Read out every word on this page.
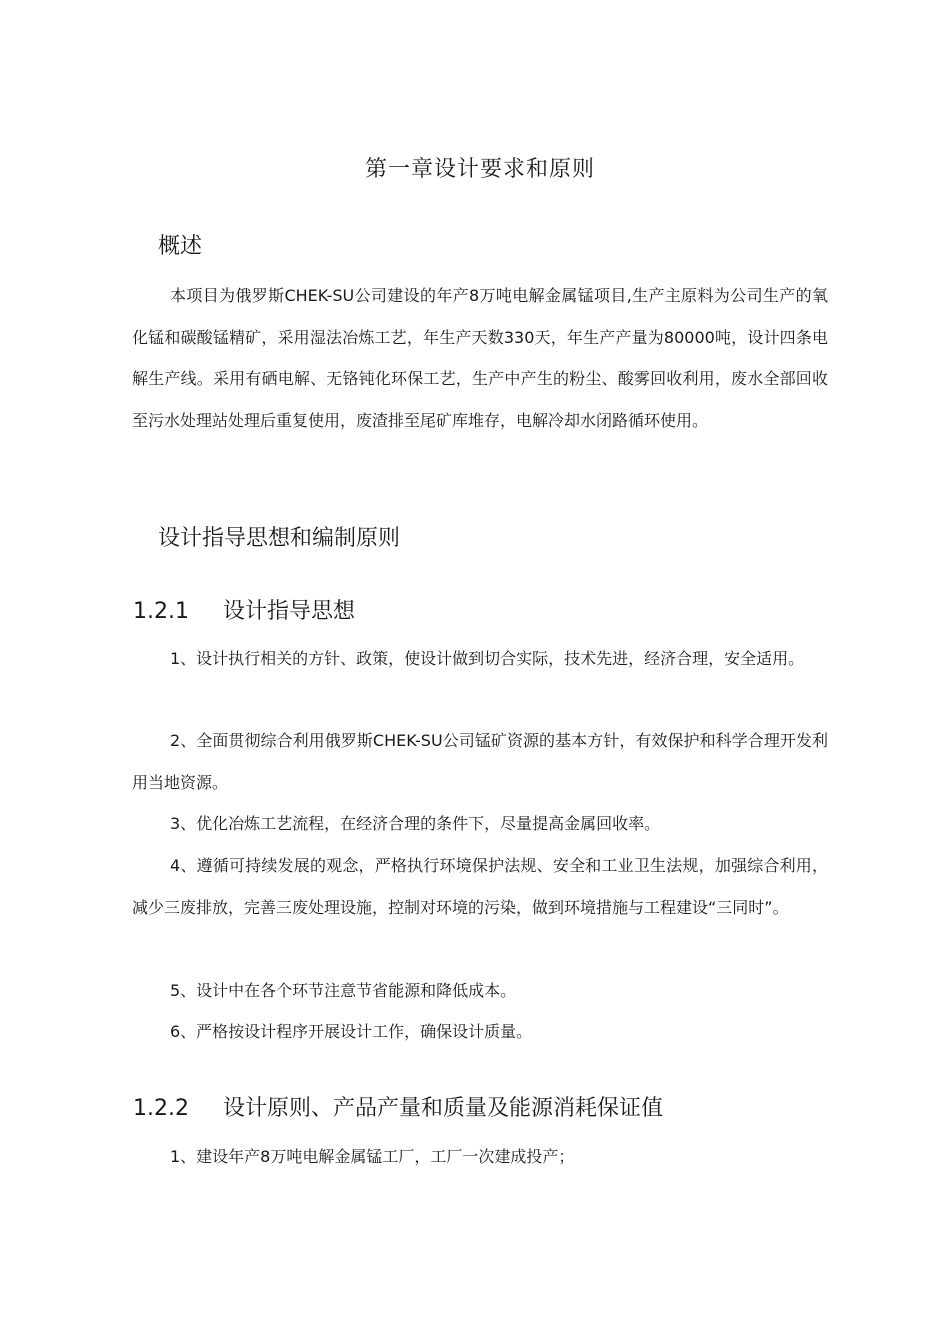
第一章设计要求和原则
概述

本项目为俄罗斯CHEK-SU公司建设的年产8万吨电解金属锰项目,生产主原料为公司生产的氧化锰和碳酸锰精矿，采用湿法冶炼工艺，年生产天数330天，年生产产量为80000吨，设计四条电解生产线。采用有硒电解、无铬钝化环保工艺，生产中产生的粉尘、酸雾回收利用，废水全部回收至污水处理站处理后重复使用，废渣排至尾矿库堆存，电解冷却水闭路循环使用。

设计指导思想和编制原则
1.2.1 设计指导思想

1、设计执行相关的方针、政策，使设计做到切合实际，技术先进，经济合理，安全适用。

2、全面贯彻综合利用俄罗斯CHEK-SU公司锰矿资源的基本方针，有效保护和科学合理开发利用当地资源。

3、优化冶炼工艺流程，在经济合理的条件下，尽量提高金属回收率。

4、遵循可持续发展的观念，严格执行环境保护法规、安全和工业卫生法规，加强综合利用，减少三废排放，完善三废处理设施，控制对环境的污染，做到环境措施与工程建设“三同时”。

5、设计中在各个环节注意节省能源和降低成本。

6、严格按设计程序开展设计工作，确保设计质量。

1.2.2 设计原则、产品产量和质量及能源消耗保证值

1、建设年产8万吨电解金属锰工厂，工厂一次建成投产；
